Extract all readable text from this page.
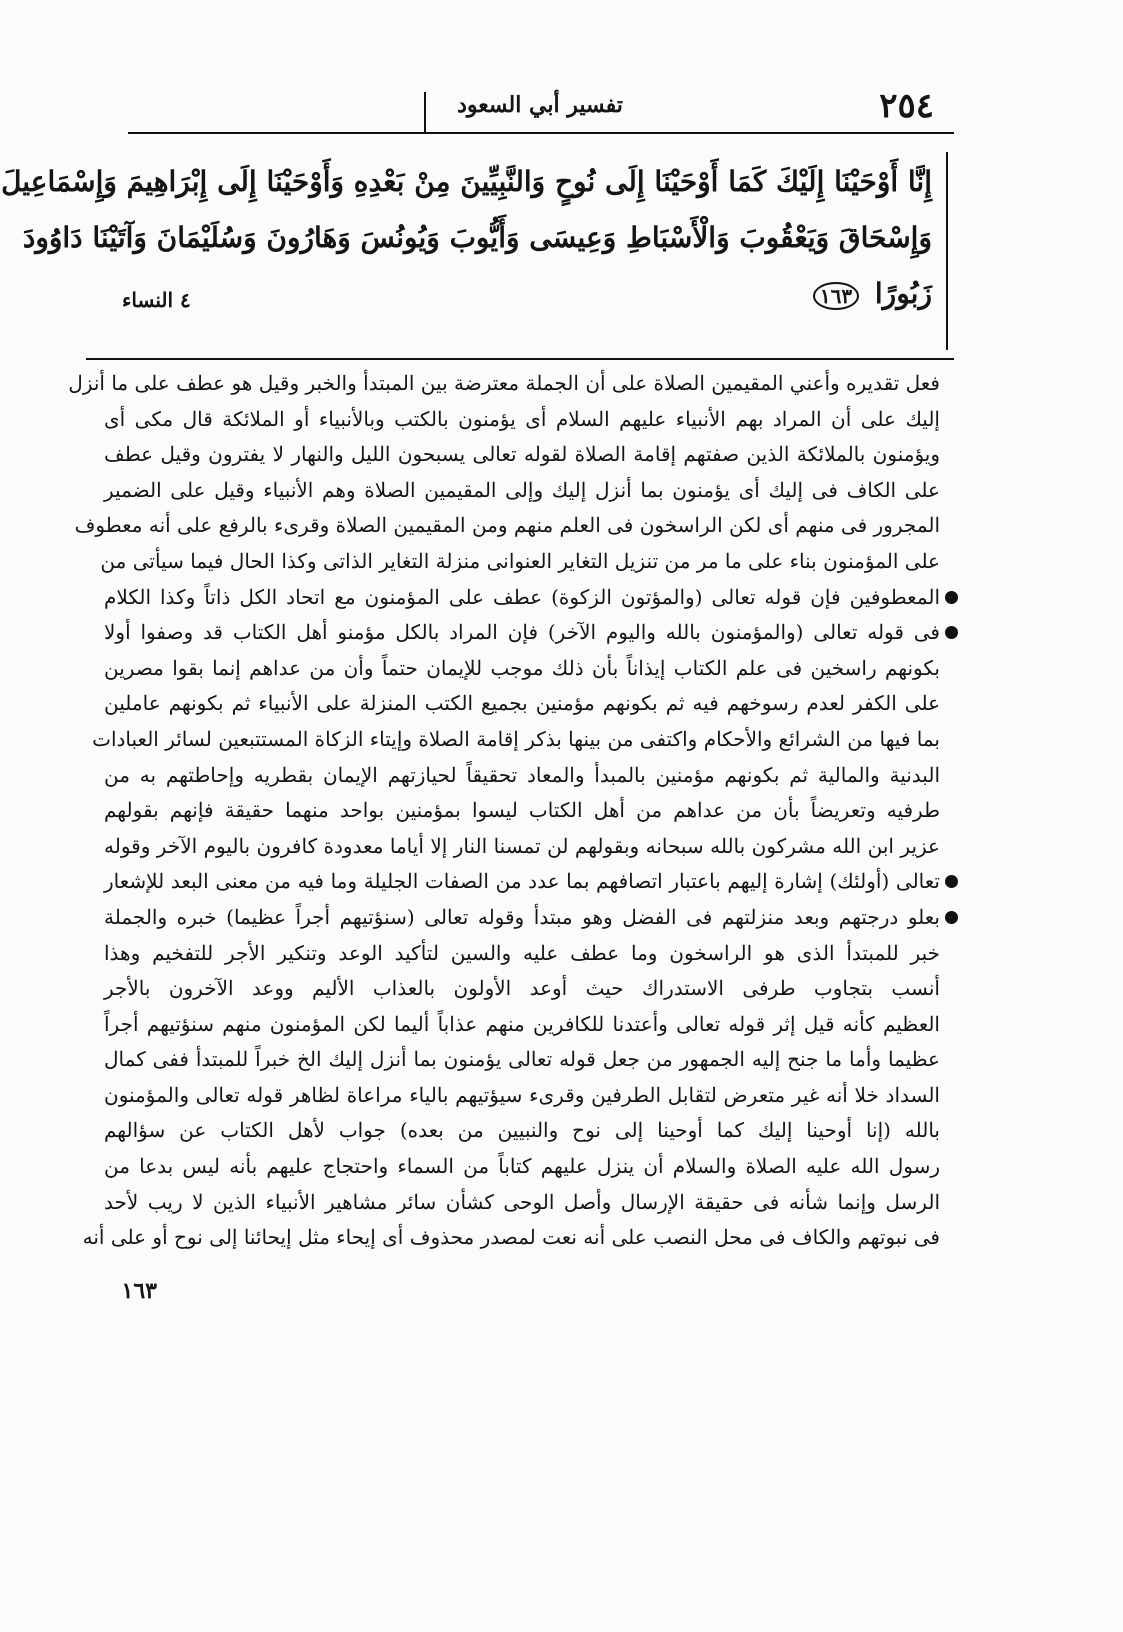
٢٥٤
تفسير أبي السعود
إِنَّا أَوْحَيْنَا إِلَيْكَ كَمَا أَوْحَيْنَا إِلَى نُوحٍ وَالنَّبِيِّينَ مِنْ بَعْدِهِ وَأَوْحَيْنَا إِلَى إِبْرَاهِيمَ وَإِسْمَاعِيلَ
وَإِسْحَاقَ وَيَعْقُوبَ وَالْأَسْبَاطِ وَعِيسَى وَأَيُّوبَ وَيُونُسَ وَهَارُونَ وَسُلَيْمَانَ وَآتَيْنَا دَاوُودَ
زَبُورًا ١٦٣
٤ النساء
١٦٣
فعل تقديره وأعني المقيمين الصلاة على أن الجملة معترضة بين المبتدأ والخبر وقيل هو عطف على ما أنزل
إليك على أن المراد بهم الأنبياء عليهم السلام أى يؤمنون بالكتب وبالأنبياء أو الملائكة قال مكى أى
ويؤمنون بالملائكة الذين صفتهم إقامة الصلاة لقوله تعالى يسبحون الليل والنهار لا يفترون وقيل عطف
على الكاف فى إليك أى يؤمنون بما أنزل إليك وإلى المقيمين الصلاة وهم الأنبياء وقيل على الضمير
المجرور فى منهم أى لكن الراسخون فى العلم منهم ومن المقيمين الصلاة وقرىء بالرفع على أنه معطوف
على المؤمنون بناء على ما مر من تنزيل التغاير العنوانى منزلة التغاير الذاتى وكذا الحال فيما سيأتى من
المعطوفين فإن قوله تعالى (والمؤتون الزكوة) عطف على المؤمنون مع اتحاد الكل ذاتاً وكذا الكلام
فى قوله تعالى (والمؤمنون بالله واليوم الآخر) فإن المراد بالكل مؤمنو أهل الكتاب قد وصفوا أولا
بكونهم راسخين فى علم الكتاب إيذاناً بأن ذلك موجب للإيمان حتماً وأن من عداهم إنما بقوا مصرين
على الكفر لعدم رسوخهم فيه ثم بكونهم مؤمنين بجميع الكتب المنزلة على الأنبياء ثم بكونهم عاملين
بما فيها من الشرائع والأحكام واكتفى من بينها بذكر إقامة الصلاة وإيتاء الزكاة المستتبعين لسائر العبادات
البدنية والمالية ثم بكونهم مؤمنين بالمبدأ والمعاد تحقيقاً لحيازتهم الإيمان بقطريه وإحاطتهم به من
طرفيه وتعريضاً بأن من عداهم من أهل الكتاب ليسوا بمؤمنين بواحد منهما حقيقة فإنهم بقولهم
عزير ابن الله مشركون بالله سبحانه وبقولهم لن تمسنا النار إلا أياما معدودة كافرون باليوم الآخر وقوله
تعالى (أولئك) إشارة إليهم باعتبار اتصافهم بما عدد من الصفات الجليلة وما فيه من معنى البعد للإشعار
بعلو درجتهم وبعد منزلتهم فى الفضل وهو مبتدأ وقوله تعالى (سنؤتيهم أجراً عظيما) خبره والجملة
خبر للمبتدأ الذى هو الراسخون وما عطف عليه والسين لتأكيد الوعد وتنكير الأجر للتفخيم وهذا
أنسب بتجاوب طرفى الاستدراك حيث أوعد الأولون بالعذاب الأليم ووعد الآخرون بالأجر
العظيم كأنه قيل إثر قوله تعالى وأعتدنا للكافرين منهم عذاباً أليما لكن المؤمنون منهم سنؤتيهم أجراً
عظيما وأما ما جنح إليه الجمهور من جعل قوله تعالى يؤمنون بما أنزل إليك الخ خبراً للمبتدأ ففى كمال
السداد خلا أنه غير متعرض لتقابل الطرفين وقرىء سيؤتيهم بالياء مراعاة لظاهر قوله تعالى والمؤمنون
بالله (إنا أوحينا إليك كما أوحينا إلى نوح والنبيين من بعده) جواب لأهل الكتاب عن سؤالهم
رسول الله عليه الصلاة والسلام أن ينزل عليهم كتاباً من السماء واحتجاج عليهم بأنه ليس بدعا من
الرسل وإنما شأنه فى حقيقة الإرسال وأصل الوحى كشأن سائر مشاهير الأنبياء الذين لا ريب لأحد
فى نبوتهم والكاف فى محل النصب على أنه نعت لمصدر محذوف أى إيحاء مثل إيحائنا إلى نوح أو على أنه
